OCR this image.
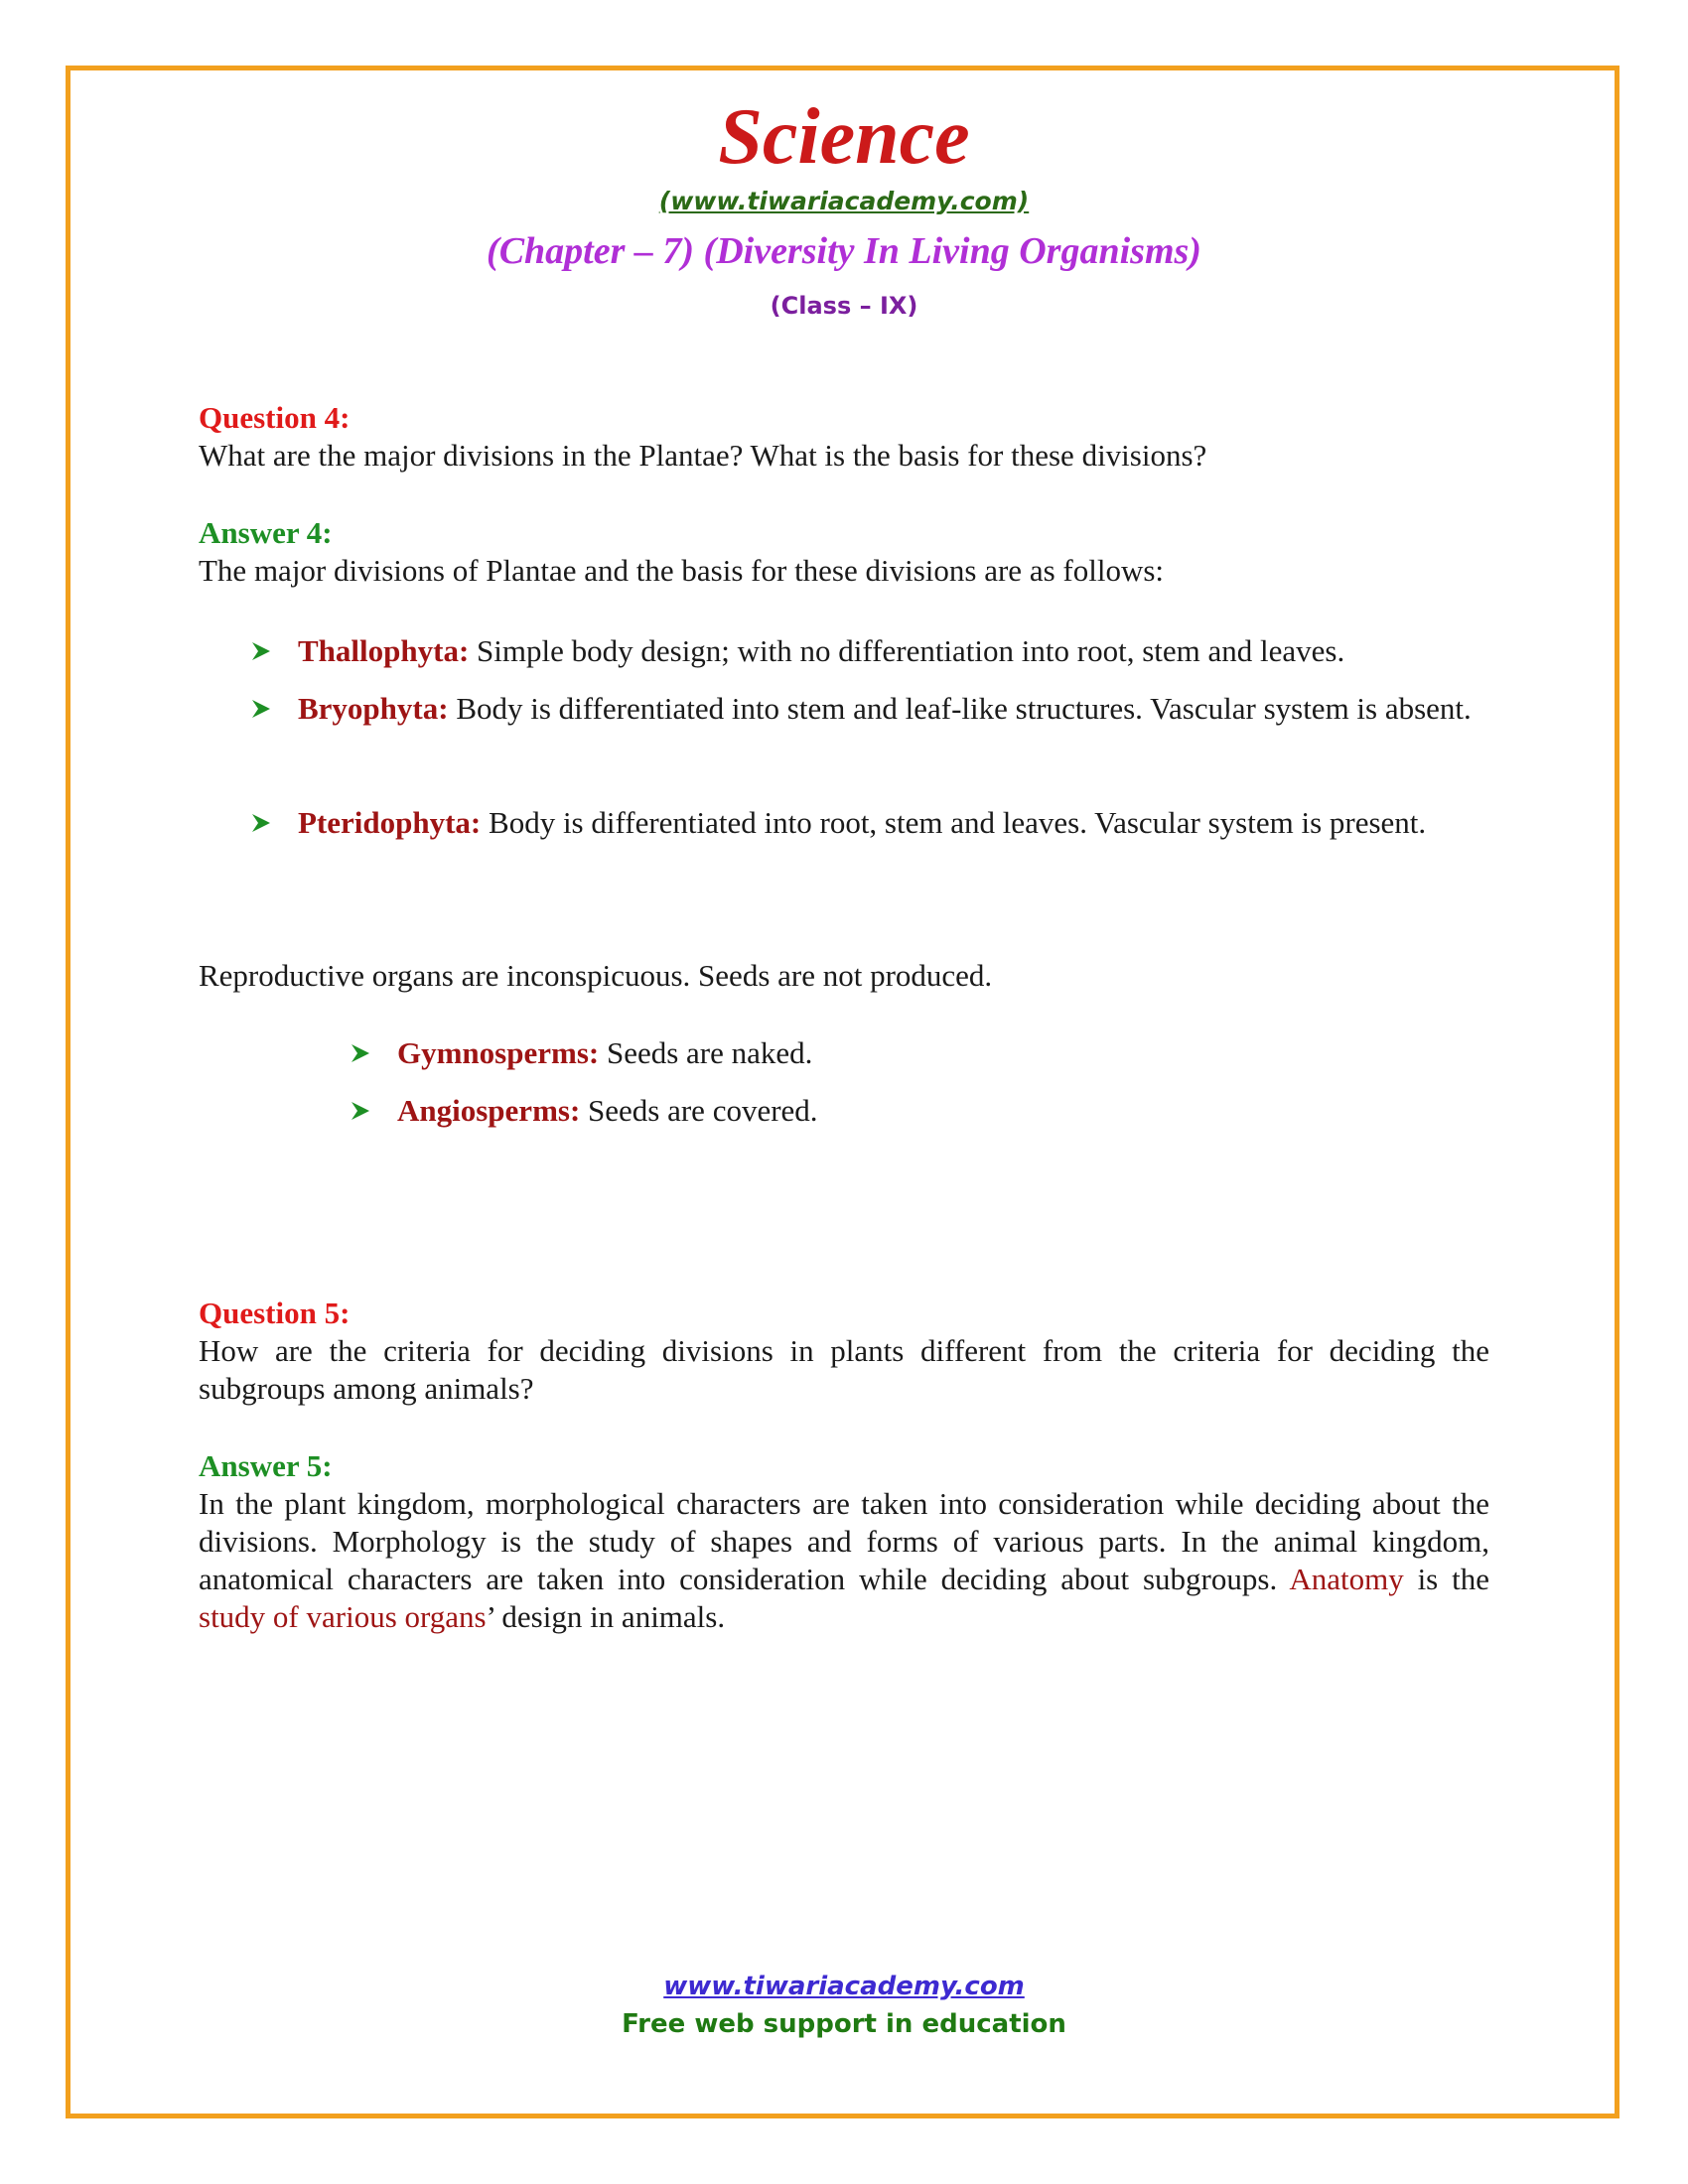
Science
(www.tiwariacademy.com)
(Chapter – 7) (Diversity In Living Organisms)
(Class – IX)
Question 4:
What are the major divisions in the Plantae? What is the basis for these divisions?
Answer 4:
The major divisions of Plantae and the basis for these divisions are as follows:
Thallophyta: Simple body design; with no differentiation into root, stem and leaves.
Bryophyta: Body is differentiated into stem and leaf-like structures. Vascular system is absent.
Pteridophyta: Body is differentiated into root, stem and leaves. Vascular system is present.
Reproductive organs are inconspicuous. Seeds are not produced.
Gymnosperms: Seeds are naked.
Angiosperms: Seeds are covered.
Question 5:
How are the criteria for deciding divisions in plants different from the criteria for deciding the subgroups among animals?
Answer 5:
In the plant kingdom, morphological characters are taken into consideration while deciding about the divisions. Morphology is the study of shapes and forms of various parts. In the animal kingdom, anatomical characters are taken into consideration while deciding about subgroups. Anatomy is the study of various organs’ design in animals.
www.tiwariacademy.com
Free web support in education
